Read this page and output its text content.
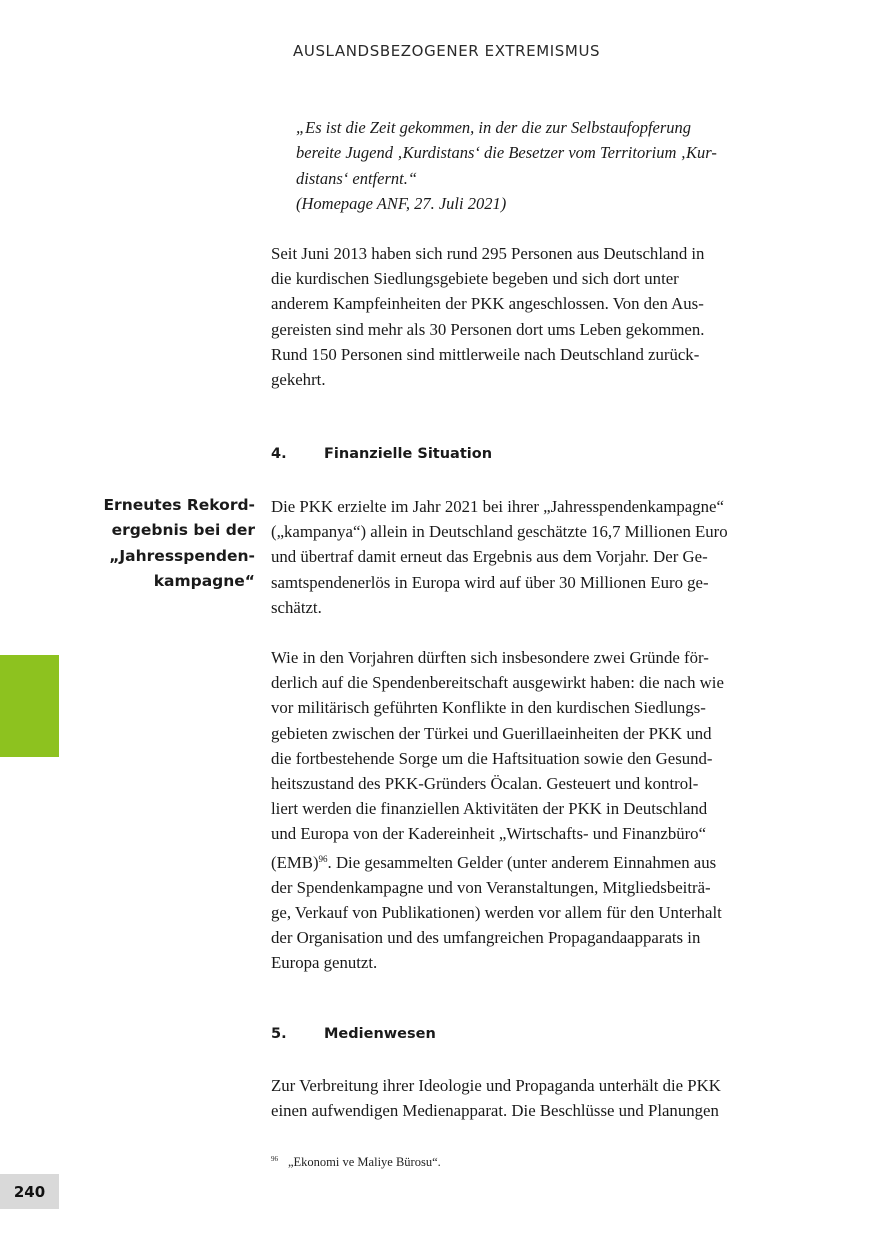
AUSLANDSBEZOGENER EXTREMISMUS

„Es ist die Zeit gekommen, in der die zur Selbstaufopferung

bereite Jugend ‚Kurdistans‘ die Besetzer vom Territorium ‚Kur-

distans‘ entfernt.“

(Homepage ANF, 27. Juli 2021)

Seit Juni 2013 haben sich rund 295 Personen aus Deutschland in
die kurdischen Siedlungsgebiete begeben und sich dort unter
anderem Kampfeinheiten der PKK angeschlossen. Von den Aus-
gereisten sind mehr als 30 Personen dort ums Leben gekommen.
Rund 150 Personen sind mittlerweile nach Deutschland zurück-
gekehrt.
4.	Finanzielle Situation
Erneutes Rekord-
ergebnis bei der
„Jahresspenden-
kampagne“
Die PKK erzielte im Jahr 2021 bei ihrer „Jahresspendenkampagne“
(„kampanya“) allein in Deutschland geschätzte 16,7 Millionen Euro
und übertraf damit erneut das Ergebnis aus dem Vorjahr. Der Ge-
samtspendenerlös in Europa wird auf über 30 Millionen Euro ge-
schätzt.
Wie in den Vorjahren dürften sich insbesondere zwei Gründe för-
derlich auf die Spendenbereitschaft ausgewirkt haben: die nach wie
vor militärisch geführten Konflikte in den kurdischen Siedlungs-
gebieten zwischen der Türkei und Guerillaeinheiten der PKK und
die fortbestehende Sorge um die Haftsituation sowie den Gesund-
heitszustand des PKK-Gründers Öcalan. Gesteuert und kontrol-
liert werden die finanziellen Aktivitäten der PKK in Deutschland
und Europa von der Kadereinheit „Wirtschafts- und Finanzbüro“
(EMB)$^{96}$. Die gesammelten Gelder (unter anderem Einnahmen aus
der Spendenkampagne und von Veranstaltungen, Mitgliedsbeiträ-
ge, Verkauf von Publikationen) werden vor allem für den Unterhalt
der Organisation und des umfangreichen Propagandaapparats in
Europa genutzt.
5.	Medienwesen
Zur Verbreitung ihrer Ideologie und Propaganda unterhält die PKK
einen aufwendigen Medienapparat. Die Beschlüsse und Planungen
$^{96}$ „Ekonomi ve Maliye Bürosu“.
240
